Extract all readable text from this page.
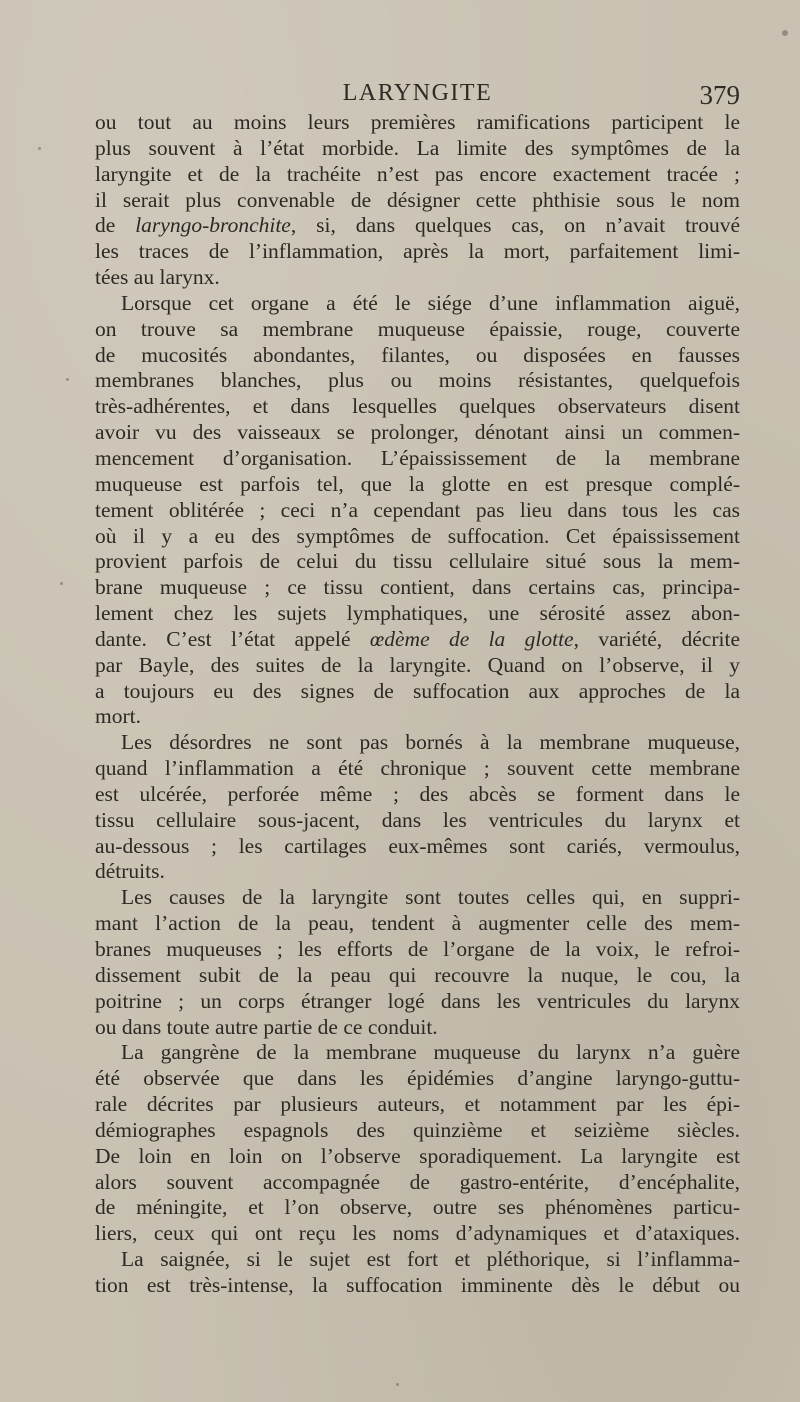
LARYNGITE	379
ou tout au moins leurs premières ramifications participent le
plus souvent à l’état morbide. La limite des symptômes de la
laryngite et de la trachéite n’est pas encore exactement tracée ;
il serait plus convenable de désigner cette phthisie sous le nom
de laryngo-bronchite, si, dans quelques cas, on n’avait trouvé
les traces de l’inflammation, après la mort, parfaitement limi-
tées au larynx.
Lorsque cet organe a été le siége d’une inflammation aiguë,
on trouve sa membrane muqueuse épaissie, rouge, couverte
de mucosités abondantes, filantes, ou disposées en fausses
membranes blanches, plus ou moins résistantes, quelquefois
très-adhérentes, et dans lesquelles quelques observateurs disent
avoir vu des vaisseaux se prolonger, dénotant ainsi un commen-
mencement d’organisation. L’épaississement de la membrane
muqueuse est parfois tel, que la glotte en est presque complé-
tement oblitérée ; ceci n’a cependant pas lieu dans tous les cas
où il y a eu des symptômes de suffocation. Cet épaississement
provient parfois de celui du tissu cellulaire situé sous la mem-
brane muqueuse ; ce tissu contient, dans certains cas, principa-
lement chez les sujets lymphatiques, une sérosité assez abon-
dante. C’est l’état appelé œdème de la glotte, variété, décrite
par Bayle, des suites de la laryngite. Quand on l’observe, il y
a toujours eu des signes de suffocation aux approches de la
mort.
Les désordres ne sont pas bornés à la membrane muqueuse,
quand l’inflammation a été chronique ; souvent cette membrane
est ulcérée, perforée même ; des abcès se forment dans le
tissu cellulaire sous-jacent, dans les ventricules du larynx et
au-dessous ; les cartilages eux-mêmes sont cariés, vermoulus,
détruits.
Les causes de la laryngite sont toutes celles qui, en suppri-
mant l’action de la peau, tendent à augmenter celle des mem-
branes muqueuses ; les efforts de l’organe de la voix, le refroi-
dissement subit de la peau qui recouvre la nuque, le cou, la
poitrine ; un corps étranger logé dans les ventricules du larynx
ou dans toute autre partie de ce conduit.
La gangrène de la membrane muqueuse du larynx n’a guère
été observée que dans les épidémies d’angine laryngo-guttu-
rale décrites par plusieurs auteurs, et notamment par les épi-
démiographes espagnols des quinzième et seizième siècles.
De loin en loin on l’observe sporadiquement. La laryngite est
alors souvent accompagnée de gastro-entérite, d’encéphalite,
de méningite, et l’on observe, outre ses phénomènes particu-
liers, ceux qui ont reçu les noms d’adynamiques et d’ataxiques.
La saignée, si le sujet est fort et pléthorique, si l’inflamma-
tion est très-intense, la suffocation imminente dès le début ou
